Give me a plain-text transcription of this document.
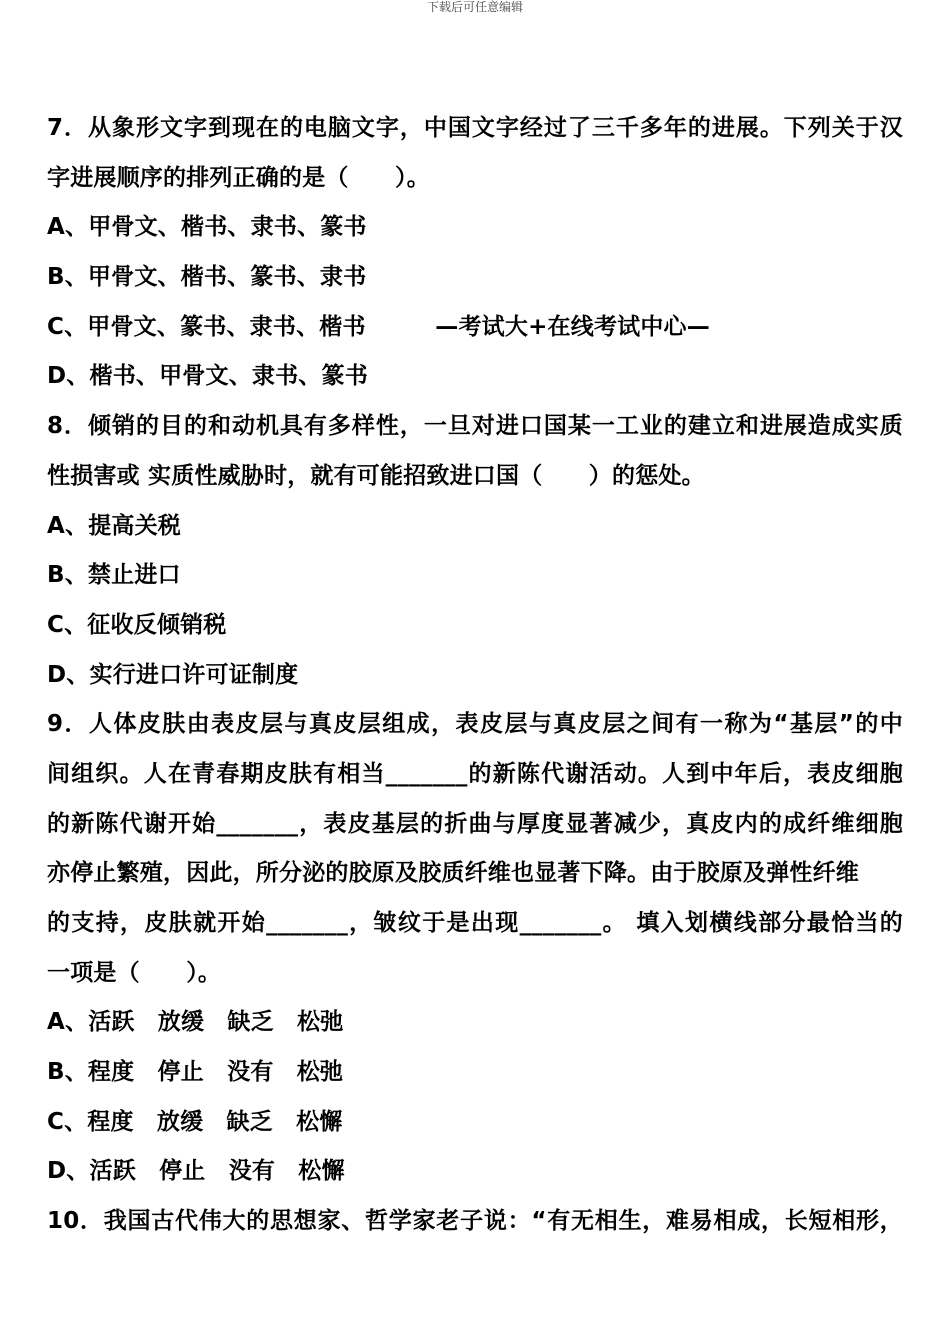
下载后可任意编辑
7．从象形文字到现在的电脑文字，中国文字经过了三千多年的进展。下列关于汉
字进展顺序的排列正确的是（　　）。
A、甲骨文、楷书、隶书、篆书
B、甲骨文、楷书、篆书、隶书
C、甲骨文、篆书、隶书、楷书　　　—考试大+在线考试中心—
D、楷书、甲骨文、隶书、篆书
8．倾销的目的和动机具有多样性，一旦对进口国某一工业的建立和进展造成实质
性损害或 实质性威胁时，就有可能招致进口国（　　）的惩处。
A、提高关税
B、禁止进口
C、征收反倾销税
D、实行进口许可证制度
9．人体皮肤由表皮层与真皮层组成，表皮层与真皮层之间有一称为“基层”的中
间组织。人在青春期皮肤有相当_______的新陈代谢活动。人到中年后，表皮细胞
的新陈代谢开始_______，表皮基层的折曲与厚度显著减少，真皮内的成纤维细胞
亦停止繁殖，因此，所分泌的胶原及胶质纤维也显著下降。由于胶原及弹性纤维
的支持，皮肤就开始_______，皱纹于是出现_______。 填入划横线部分最恰当的
一项是（　　）。
A、活跃　放缓　缺乏　松弛
B、程度　停止　没有　松弛
C、程度　放缓　缺乏　松懈
D、活跃　停止　没有　松懈
10．我国古代伟大的思想家、哲学家老子说：“有无相生，难易相成，长短相形，
